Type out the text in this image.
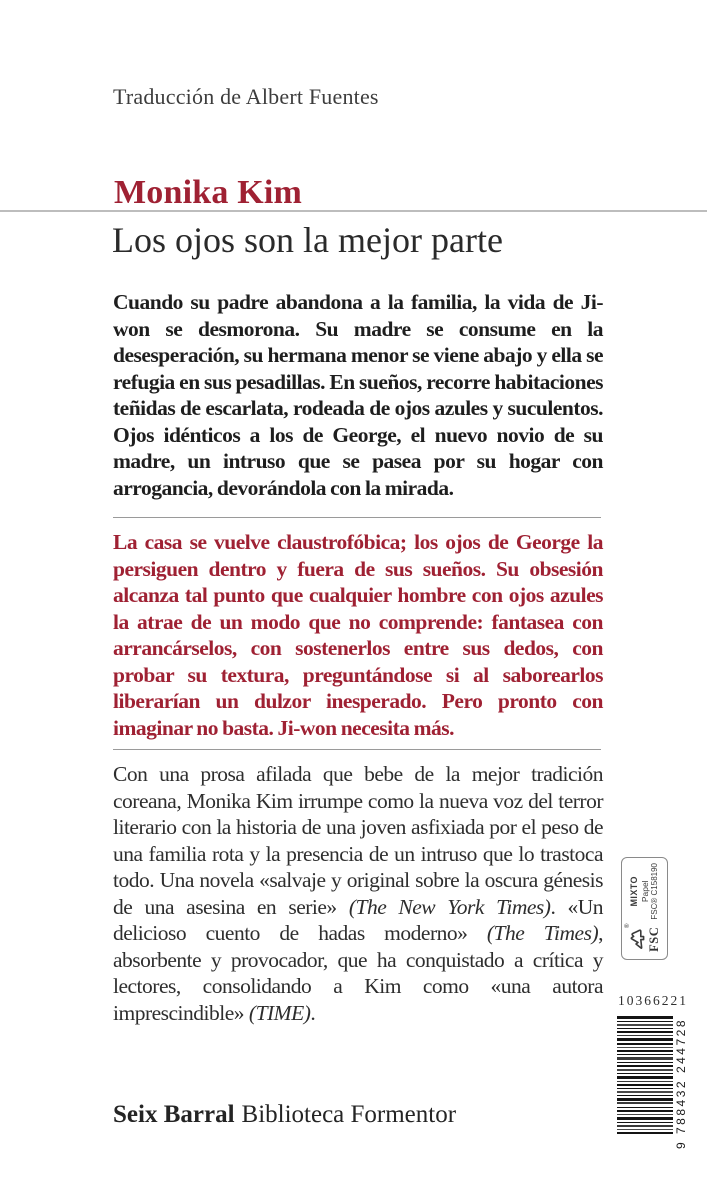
Traducción de Albert Fuentes
Monika Kim
Los ojos son la mejor parte
Cuando su padre abandona a la familia, la vida de Ji-won se desmorona. Su madre se consume en la desesperación, su hermana menor se viene abajo y ella se refugia en sus pesadillas. En sueños, recorre habitaciones teñidas de escarlata, rodeada de ojos azules y suculentos. Ojos idénticos a los de George, el nuevo novio de su madre, un intruso que se pasea por su hogar con arrogancia, devorándola con la mirada.
La casa se vuelve claustrofóbica; los ojos de George la persiguen dentro y fuera de sus sueños. Su obsesión alcanza tal punto que cualquier hombre con ojos azules la atrae de un modo que no comprende: fantasea con arrancárselos, con sostenerlos entre sus dedos, con probar su textura, preguntándose si al saborearlos liberarían un dulzor inesperado. Pero pronto con imaginar no basta. Ji-won necesita más.
Con una prosa afilada que bebe de la mejor tradición coreana, Monika Kim irrumpe como la nueva voz del terror literario con la historia de una joven asfixiada por el peso de una familia rota y la presencia de un intruso que lo trastoca todo. Una novela «salvaje y original sobre la oscura génesis de una asesina en serie» (The New York Times). «Un delicioso cuento de hadas moderno» (The Times), absorbente y provocador, que ha conquistado a crítica y lectores, consolidando a Kim como «una autora imprescindible» (TIME).
Seix Barral Biblioteca Formentor
®
FSC
MIXTO Papel FSC® C158190
10366221
9
788432
244728
